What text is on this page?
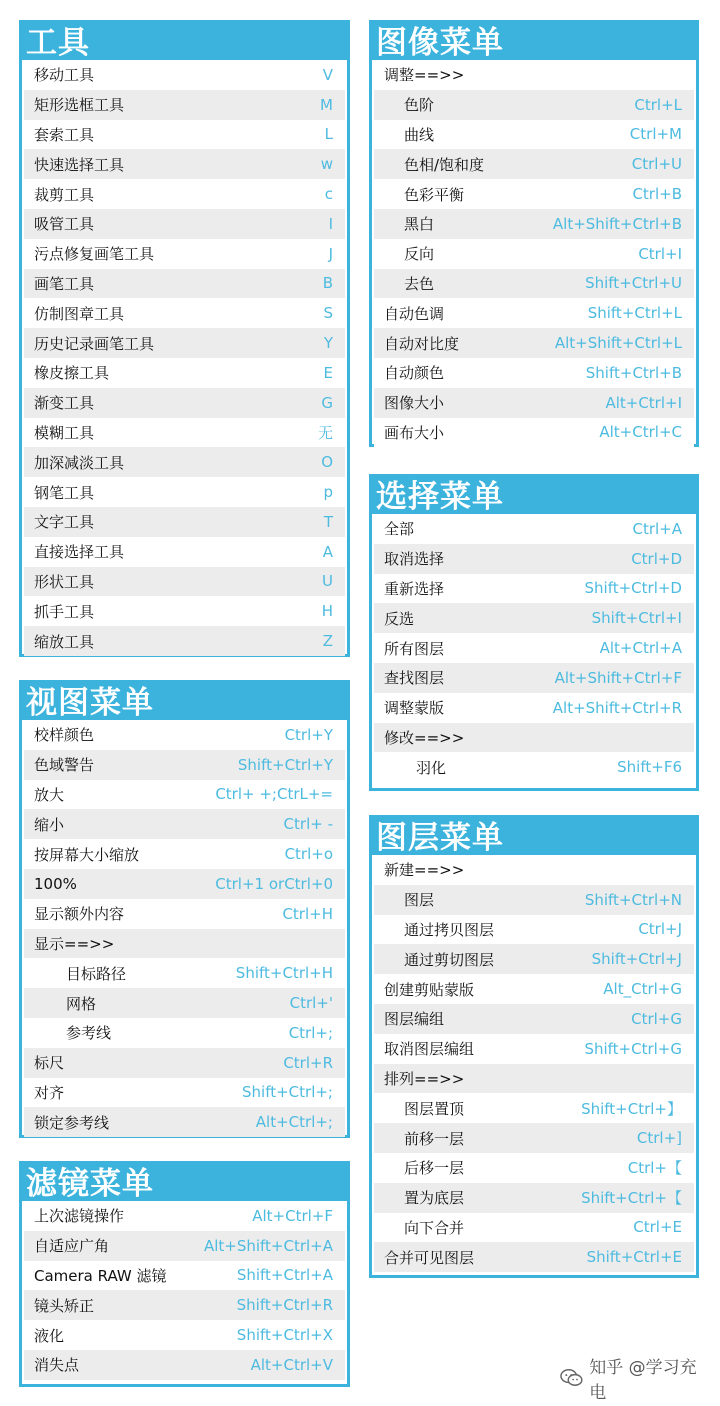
工具
移动工具	V
矩形选框工具	M
套索工具	L
快速选择工具	w
裁剪工具	c
吸管工具	I
污点修复画笔工具	J
画笔工具	B
仿制图章工具	S
历史记录画笔工具	Y
橡皮擦工具	E
渐变工具	G
模糊工具	无
加深减淡工具	O
钢笔工具	p
文字工具	T
直接选择工具	A
形状工具	U
抓手工具	H
缩放工具	Z
视图菜单
校样颜色	Ctrl+Y
色域警告	Shift+Ctrl+Y
放大	Ctrl+ +;CtrL+=
缩小	Ctrl+ -
按屏幕大小缩放	Ctrl+o
100%	Ctrl+1 orCtrl+0
显示额外内容	Ctrl+H
显示==>>
目标路径	Shift+Ctrl+H
网格	Ctrl+'
参考线	Ctrl+;
标尺	Ctrl+R
对齐	Shift+Ctrl+;
锁定参考线	Alt+Ctrl+;
滤镜菜单
上次滤镜操作	Alt+Ctrl+F
自适应广角	Alt+Shift+Ctrl+A
Camera RAW 滤镜	Shift+Ctrl+A
镜头矫正	Shift+Ctrl+R
液化	Shift+Ctrl+X
消失点	Alt+Ctrl+V
图像菜单
调整==>>
色阶	Ctrl+L
曲线	Ctrl+M
色相/饱和度	Ctrl+U
色彩平衡	Ctrl+B
黑白	Alt+Shift+Ctrl+B
反向	Ctrl+I
去色	Shift+Ctrl+U
自动色调	Shift+Ctrl+L
自动对比度	Alt+Shift+Ctrl+L
自动颜色	Shift+Ctrl+B
图像大小	Alt+Ctrl+I
画布大小	Alt+Ctrl+C
选择菜单
全部	Ctrl+A
取消选择	Ctrl+D
重新选择	Shift+Ctrl+D
反选	Shift+Ctrl+I
所有图层	Alt+Ctrl+A
查找图层	Alt+Shift+Ctrl+F
调整蒙版	Alt+Shift+Ctrl+R
修改==>>
羽化	Shift+F6
图层菜单
新建==>>
图层	Shift+Ctrl+N
通过拷贝图层	Ctrl+J
通过剪切图层	Shift+Ctrl+J
创建剪贴蒙版	Alt_Ctrl+G
图层编组	Ctrl+G
取消图层编组	Shift+Ctrl+G
排列==>>
图层置顶	Shift+Ctrl+】
前移一层	Ctrl+]
后移一层	Ctrl+【
置为底层	Shift+Ctrl+【
向下合并	Ctrl+E
合并可见图层	Shift+Ctrl+E
知乎 @学习充电
